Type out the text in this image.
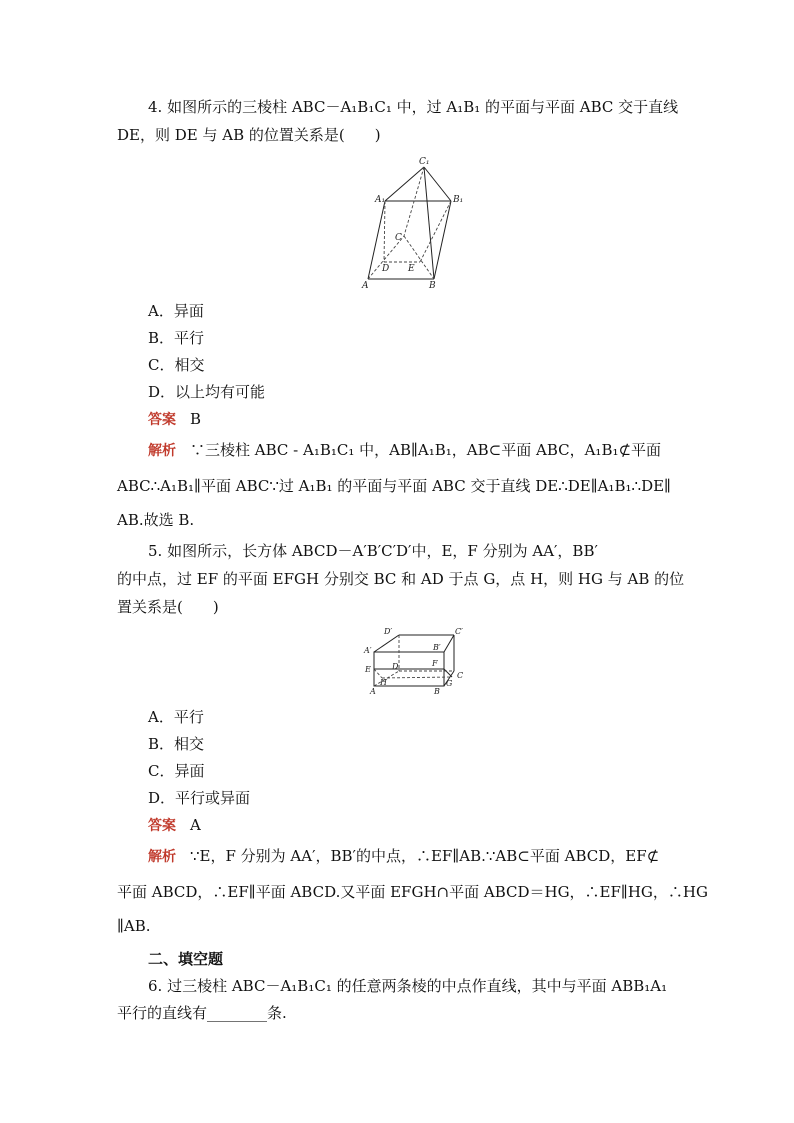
4. 如图所示的三棱柱 ABC－A₁B₁C₁ 中，过 A₁B₁ 的平面与平面 ABC 交于直线
DE，则 DE 与 AB 的位置关系是(　　)
C₁
A₁	B₁
C
D E
A	B
A．异面
B．平行
C．相交
D．以上均有可能
答案 B
解析 ∵三棱柱 ABC - A₁B₁C₁ 中，AB∥A₁B₁，AB⊂平面 ABC，A₁B₁⊄平面
ABC∴A₁B₁∥平面 ABC∵过 A₁B₁ 的平面与平面 ABC 交于直线 DE∴DE∥A₁B₁∴DE∥
AB.故选 B.
5. 如图所示，长方体 ABCD－A′B′C′D′中，E，F 分别为 AA′，BB′
的中点，过 EF 的平面 EFGH 分别交 BC 和 AD 于点 G，点 H，则 HG 与 AB 的位
置关系是(　　)
D′	C′
A′	B′
E	D	F
H
A	B
G
C
A．平行
B．相交
C．异面
D．平行或异面
答案 A
解析 ∵E，F 分别为 AA′，BB′的中点，∴EF∥AB.∵AB⊂平面 ABCD，EF⊄
平面 ABCD，∴EF∥平面 ABCD.又平面 EFGH∩平面 ABCD＝HG，∴EF∥HG，∴HG
∥AB.
二、填空题
6. 过三棱柱 ABC－A₁B₁C₁ 的任意两条棱的中点作直线，其中与平面 ABB₁A₁
平行的直线有________条.
